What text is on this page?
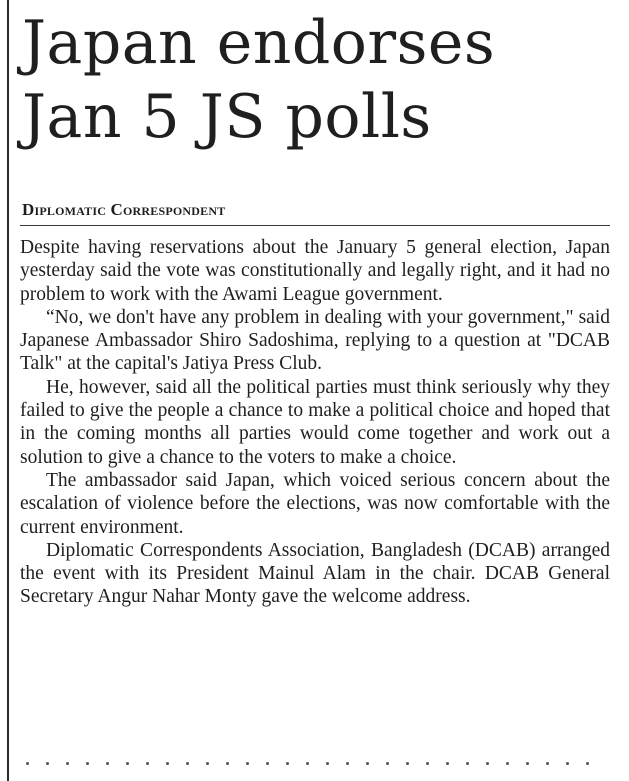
Japan endorses
Jan 5 JS polls
Diplomatic Correspondent

Despite having reservations about the January 5 general election, Japan yesterday said the vote was constitutionally and legally right, and it had no problem to work with the Awami League government.

“No, we don't have any problem in dealing with your government," said Japanese Ambassador Shiro Sadoshima, replying to a question at "DCAB Talk" at the capital's Jatiya Press Club.

He, however, said all the political parties must think seriously why they failed to give the people a chance to make a political choice and hoped that in the coming months all parties would come together and work out a solution to give a chance to the voters to make a choice.

The ambassador said Japan, which voiced serious concern about the escalation of violence before the elections, was now comfortable with the current environment.

Diplomatic Correspondents Association, Bangladesh (DCAB) arranged the event with its President Mainul Alam in the chair. DCAB General Secretary Angur Nahar Monty gave the welcome address.
